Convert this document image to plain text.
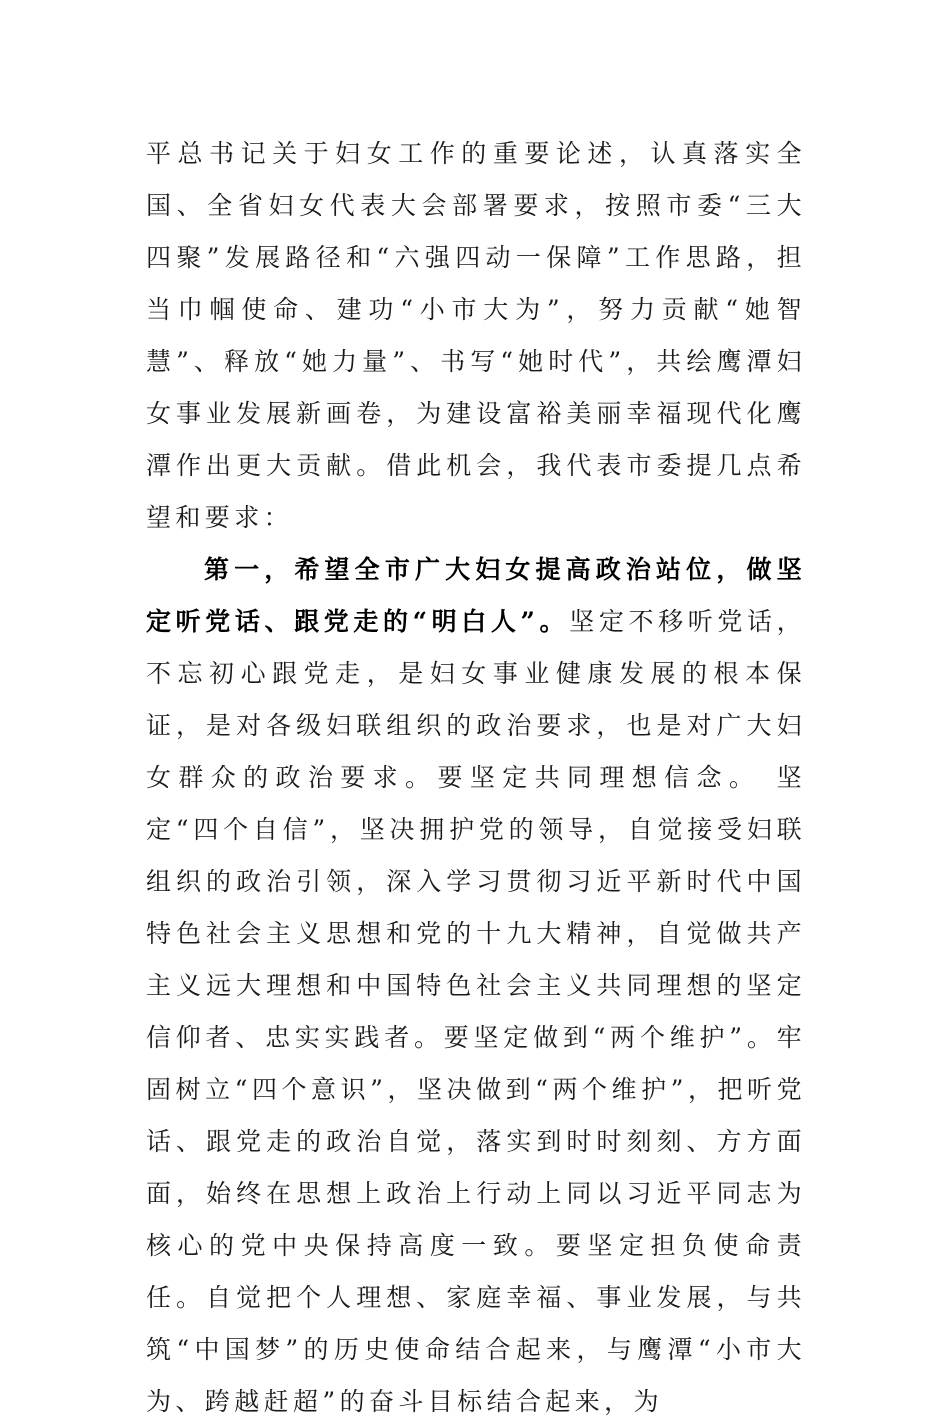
平总书记关于妇女工作的重要论述，认真落实全国、全省妇女代表大会部署要求，按照市委“三大四聚”发展路径和“六强四动一保障”工作思路，担当巾帼使命、建功“小市大为”，努力贡献“她智慧”、释放“她力量”、书写“她时代”，共绘鹰潭妇女事业发展新画卷，为建设富裕美丽幸福现代化鹰潭作出更大贡献。借此机会，我代表市委提几点希望和要求：

第一，希望全市广大妇女提高政治站位，做坚定听党话、跟党走的“明白人”。坚定不移听党话，不忘初心跟党走，是妇女事业健康发展的根本保证，是对各级妇联组织的政治要求，也是对广大妇女群众的政治要求。要坚定共同理想信念。 坚定“四个自信”，坚决拥护党的领导，自觉接受妇联组织的政治引领，深入学习贯彻习近平新时代中国特色社会主义思想和党的十九大精神，自觉做共产主义远大理想和中国特色社会主义共同理想的坚定信仰者、忠实实践者。要坚定做到“两个维护”。牢固树立“四个意识”，坚决做到“两个维护”，把听党话、跟党走的政治自觉，落实到时时刻刻、方方面面，始终在思想上政治上行动上同以习近平同志为核心的党中央保持高度一致。要坚定担负使命责任。自觉把个人理想、家庭幸福、事业发展，与共筑“中国梦”的历史使命结合起来，与鹰潭“小市大为、跨越赶超”的奋斗目标结合起来，为
